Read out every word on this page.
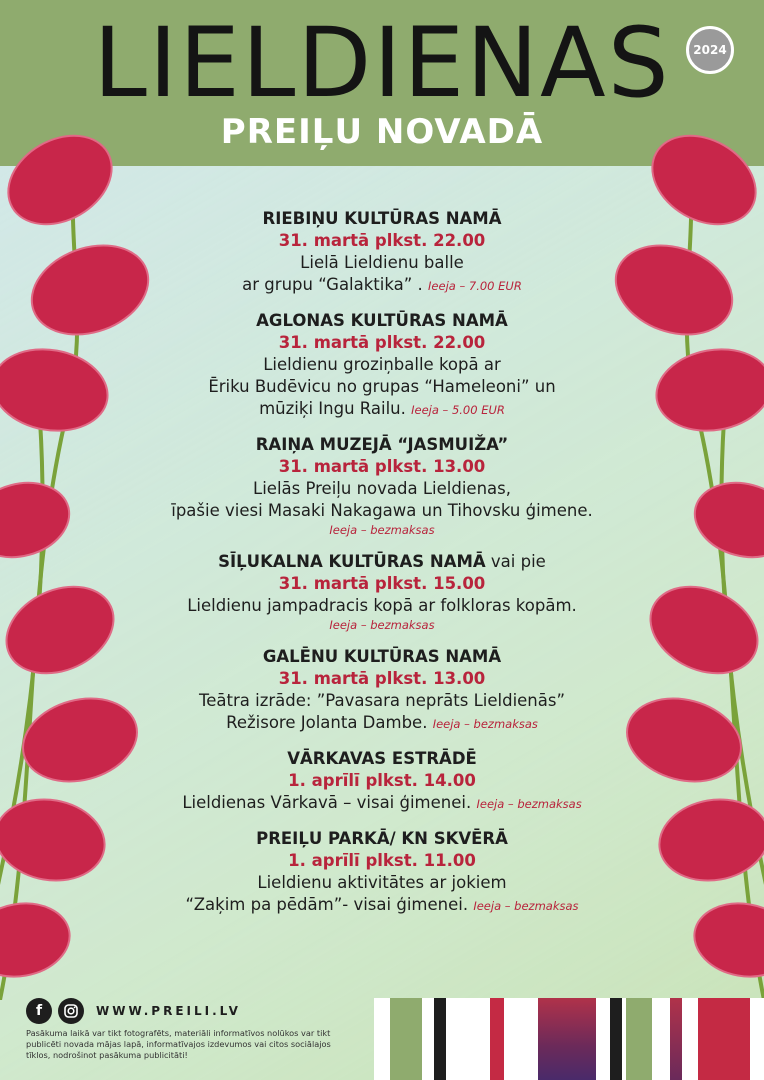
LIELDIENAS
PREIĻU NOVADĀ
2024
RIEBIŅU KULTŪRAS NAMĀ
31. martā plkst. 22.00
Lielā Lieldienu balle
ar grupu “Galaktika” . Ieeja – 7.00 EUR
AGLONAS KULTŪRAS NAMĀ
31. martā plkst. 22.00
Lieldienu groziņballe kopā ar
Ēriku Budēvicu no grupas “Hameleoni” un
mūziķi Ingu Railu. Ieeja – 5.00 EUR
RAIŅA MUZEJĀ “JASMUIŽA”
31. martā plkst. 13.00
Lielās Preiļu novada Lieldienas,
īpašie viesi Masaki Nakagawa un Tihovsku ģimene.
Ieeja – bezmaksas
SĪĻUKALNA KULTŪRAS NAMĀ vai pie
31. martā plkst. 15.00
Lieldienu jampadracis kopā ar folkloras kopām.
Ieeja – bezmaksas
GALĒNU KULTŪRAS NAMĀ
31. martā plkst. 13.00
Teātra izrāde: ”Pavasara neprāts Lieldienās”
Režisore Jolanta Dambe. Ieeja – bezmaksas
VĀRKAVAS ESTRĀDĒ
1. aprīlī plkst. 14.00
Lieldienas Vārkavā – visai ģimenei. Ieeja – bezmaksas
PREIĻU PARKĀ/ KN SKVĒRĀ
1. aprīlī plkst. 11.00
Lieldienu aktivitātes ar jokiem
“Zaķim pa pēdām”- visai ģimenei. Ieeja – bezmaksas
f	WWW.PREILI.LV
Pasākuma laikā var tikt fotografēts, materiāli informatīvos nolūkos var tikt publicēti novada mājas lapā, informatīvajos izdevumos vai citos sociālajos tīklos, nodrošinot pasākuma publicitāti!
